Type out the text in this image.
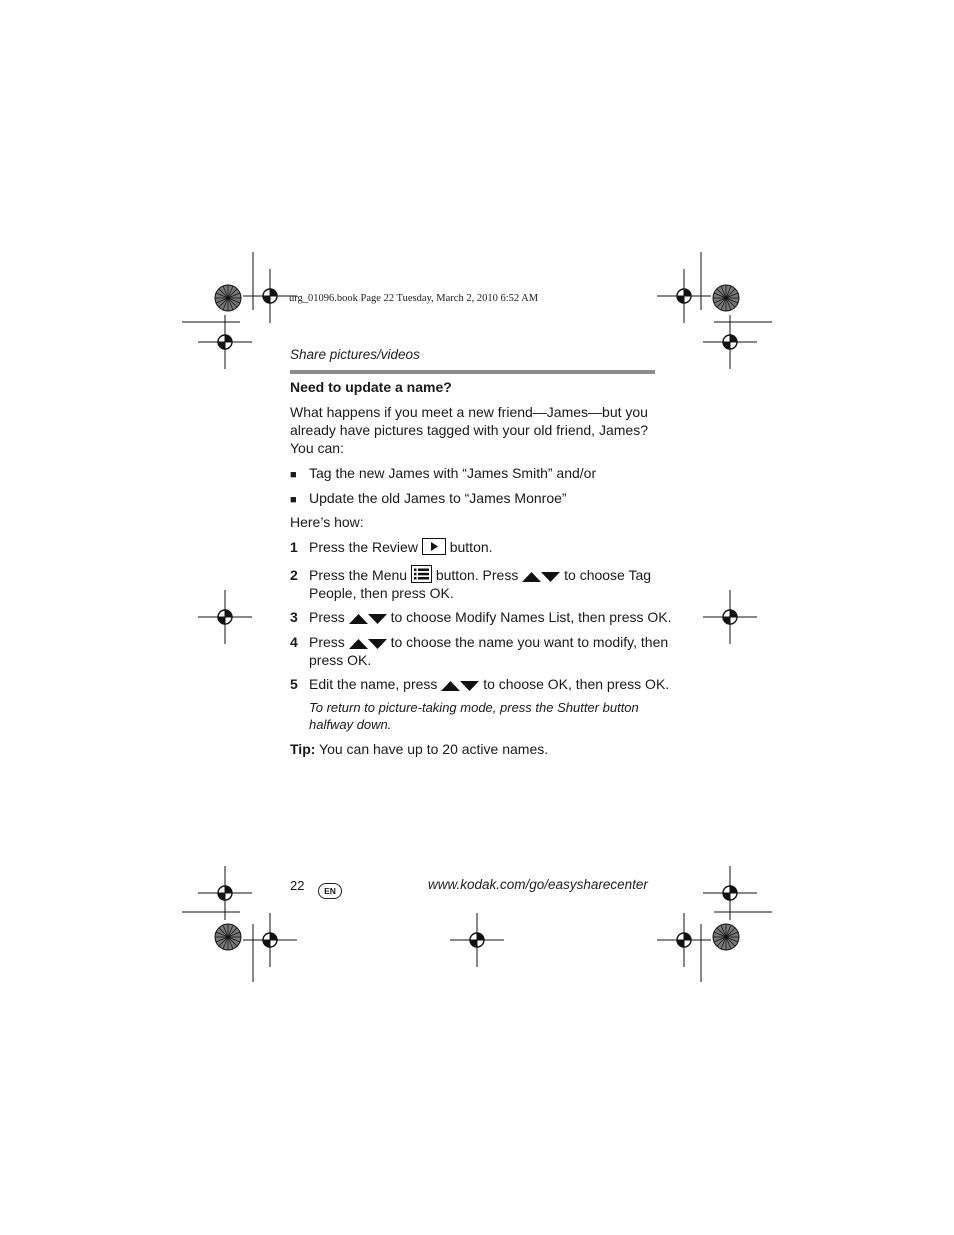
urg_01096.book Page 22 Tuesday, March 2, 2010 6:52 AM
Share pictures/videos
Need to update a name?
What happens if you meet a new friend—James—but you already have pictures tagged with your old friend, James? You can:
■ Tag the new James with “James Smith” and/or
■ Update the old James to “James Monroe”
Here’s how:
1 Press the Review button.
2 Press the Menu button. Press	to choose Tag
People, then press OK.
3 Press	to choose Modify Names List, then press OK.
4 Press	to choose the name you want to modify, then
press OK.
5 Edit the name, press	to choose OK, then press OK.
To return to picture-taking mode, press the Shutter button halfway down.
Tip: You can have up to 20 active names.
22	EN	www.kodak.com/go/easysharecenter
